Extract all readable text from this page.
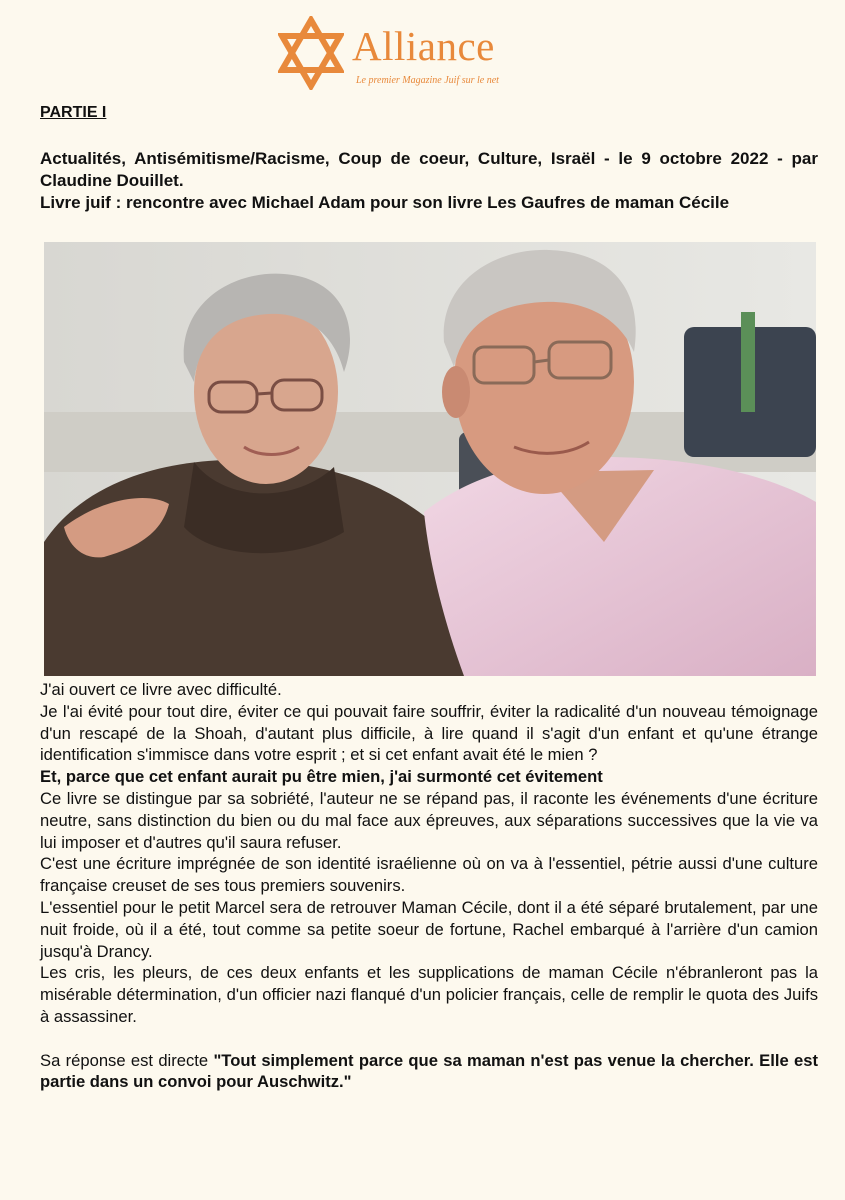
Alliance
Le premier Magazine Juif sur le net
PARTIE I

Actualités, Antisémitisme/Racisme, Coup de coeur, Culture, Israël - le 9 octobre 2022 - par Claudine Douillet.

Livre juif : rencontre avec Michael Adam pour son livre Les Gaufres de maman Cécile

J'ai ouvert ce livre avec difficulté.

Je l'ai évité pour tout dire, éviter ce qui pouvait faire souffrir, éviter la radicalité d'un nouveau témoignage d'un rescapé de la Shoah, d'autant plus difficile, à lire quand il s'agit d'un enfant et qu'une étrange identification s'immisce dans votre esprit ; et si cet enfant avait été le mien ?

Et, parce que cet enfant aurait pu être mien, j'ai surmonté cet évitement

Ce livre se distingue par sa sobriété, l'auteur ne se répand pas, il raconte les événements d'une écriture neutre, sans distinction du bien ou du mal face aux épreuves, aux séparations successives que la vie va lui imposer et d'autres qu'il saura refuser.

C'est une écriture imprégnée de son identité israélienne où on va à l'essentiel, pétrie aussi d'une culture française creuset de ses tous premiers souvenirs.

L'essentiel pour le petit Marcel sera de retrouver Maman Cécile, dont il a été séparé brutalement, par une nuit froide, où il a été, tout comme sa petite soeur de fortune, Rachel embarqué à l'arrière d'un camion jusqu'à Drancy.

Les cris, les pleurs, de ces deux enfants et les supplications de maman Cécile n'ébranleront pas la misérable détermination, d'un officier nazi flanqué d'un policier français, celle de remplir le quota des Juifs à assassiner.

Sa réponse est directe "Tout simplement parce que sa maman n'est pas venue la chercher. Elle est partie dans un convoi pour Auschwitz."
